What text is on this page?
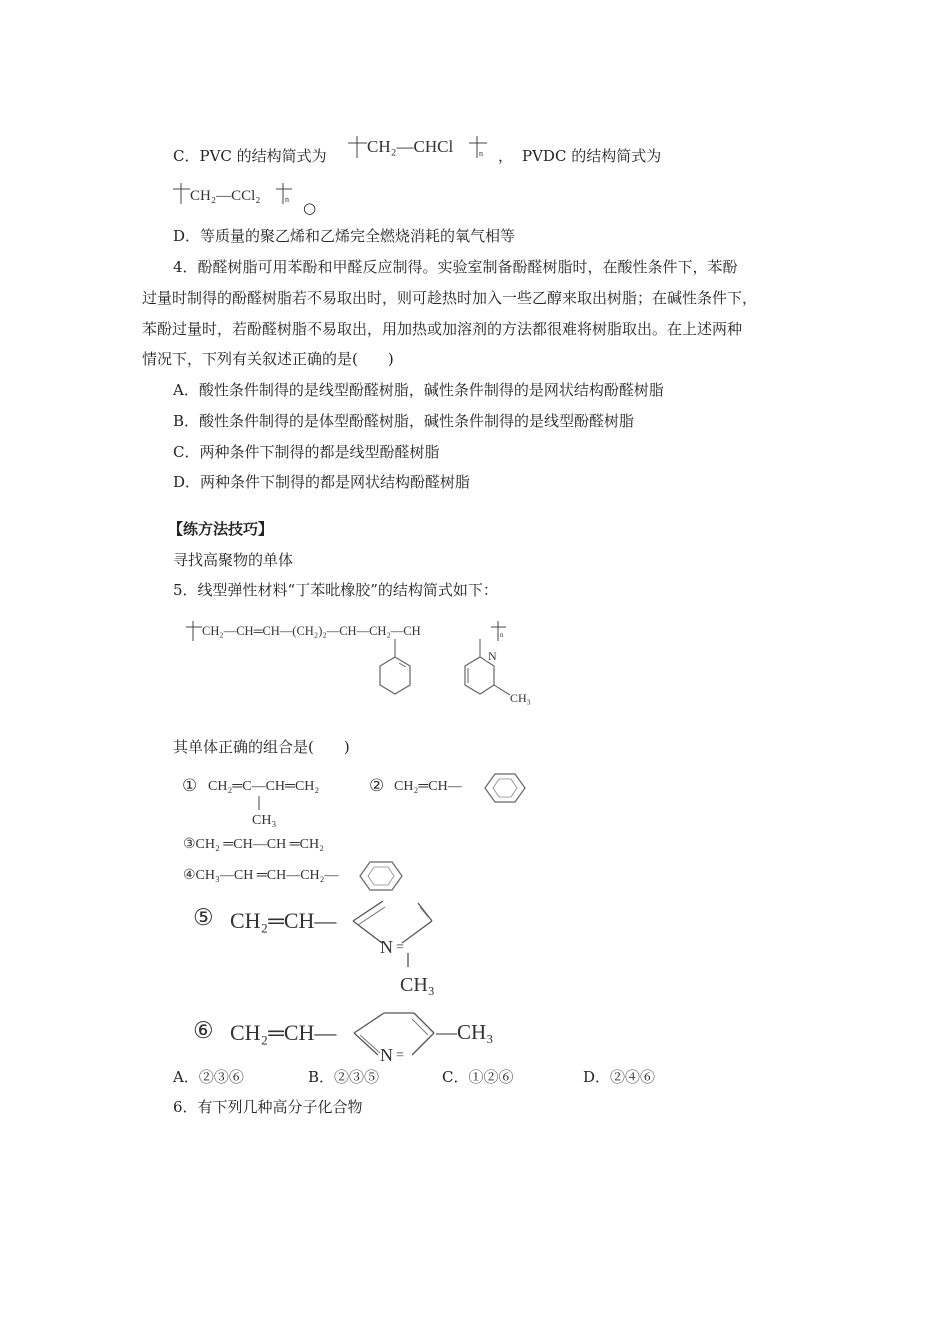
C．PVC 的结构简式为 CH₂—CHCl	n ， PVDC 的结构简式为
CH₂—CCl₂	n ○
D．等质量的聚乙烯和乙烯完全燃烧消耗的氧气相等
4．酚醛树脂可用苯酚和甲醛反应制得。实验室制备酚醛树脂时，在酸性条件下，苯酚
过量时制得的酚醛树脂若不易取出时，则可趁热时加入一些乙醇来取出树脂；在碱性条件下，
苯酚过量时，若酚醛树脂不易取出，用加热或加溶剂的方法都很难将树脂取出。在上述两种
情况下，下列有关叙述正确的是(　　)
A．酸性条件制得的是线型酚醛树脂，碱性条件制得的是网状结构酚醛树脂
B．酸性条件制得的是体型酚醛树脂，碱性条件制得的是线型酚醛树脂
C．两种条件下制得的都是线型酚醛树脂
D．两种条件下制得的都是网状结构酚醛树脂
【练方法技巧】
寻找高聚物的单体
5．线型弹性材料“丁苯吡橡胶”的结构简式如下：
CH₂—CH═CH—(CH₂)₂—CH—CH₂—CH	n
N
CH₃
其单体正确的组合是(　　)
① CH₂═C—CH═CH₂
CH₃
② CH₂═CH—
③CH₂ ═CH—CH ═CH₂
④CH₃—CH ═CH—CH₂—
⑤ CH₂═CH—
N =
CH₃
⑥ CH₂═CH—
N =
—CH₃
A．②③⑥	B．②③⑤	C．①②⑥	D．②④⑥
6．有下列几种高分子化合物
